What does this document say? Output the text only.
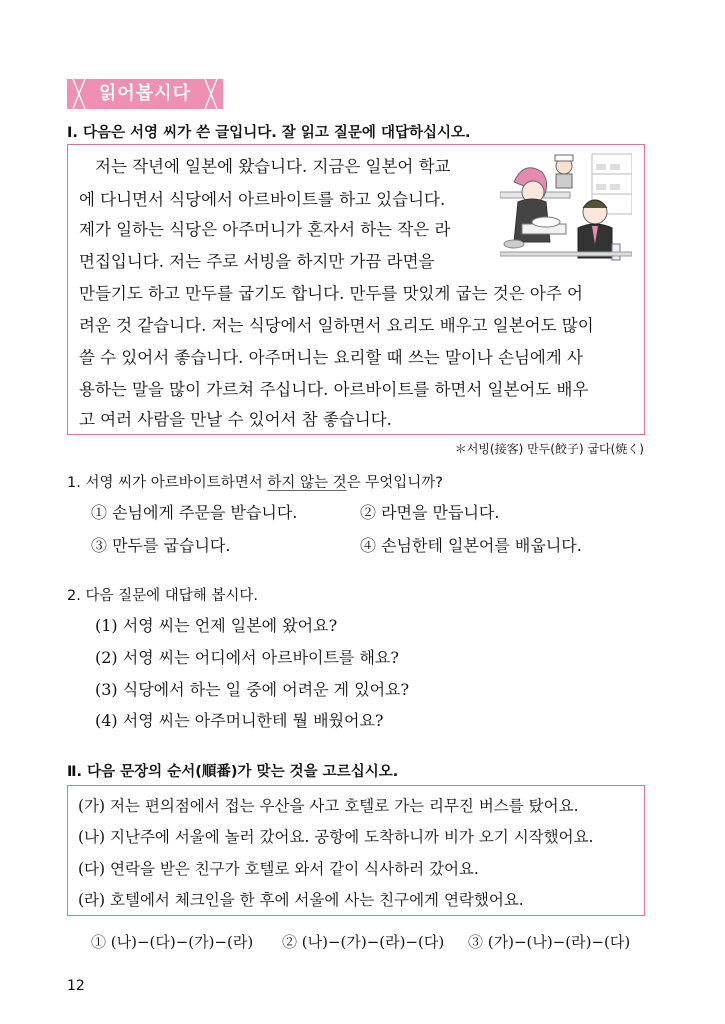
읽어봅시다
Ⅰ. 다음은 서영 씨가 쓴 글입니다. 잘 읽고 질문에 대답하십시오.
저는 작년에 일본에 왔습니다. 지금은 일본어 학교
에 다니면서 식당에서 아르바이트를 하고 있습니다.
제가 일하는 식당은 아주머니가 혼자서 하는 작은 라
면집입니다. 저는 주로 서빙을 하지만 가끔 라면을
만들기도 하고 만두를 굽기도 합니다. 만두를 맛있게 굽는 것은 아주 어
려운 것 같습니다. 저는 식당에서 일하면서 요리도 배우고 일본어도 많이
쓸 수 있어서 좋습니다. 아주머니는 요리할 때 쓰는 말이나 손님에게 사
용하는 말을 많이 가르쳐 주십니다. 아르바이트를 하면서 일본어도 배우
고 여러 사람을 만날 수 있어서 참 좋습니다.
＊서빙(接客) 만두(餃子) 굽다(焼く)
1. 서영 씨가 아르바이트하면서 하지 않는 것은 무엇입니까?
① 손님에게 주문을 받습니다.	② 라면을 만듭니다.
③ 만두를 굽습니다.	④ 손님한테 일본어를 배웁니다.
2. 다음 질문에 대답해 봅시다.
(1) 서영 씨는 언제 일본에 왔어요?
(2) 서영 씨는 어디에서 아르바이트를 해요?
(3) 식당에서 하는 일 중에 어려운 게 있어요?
(4) 서영 씨는 아주머니한테 뭘 배웠어요?
Ⅱ. 다음 문장의 순서(順番)가 맞는 것을 고르십시오.
(가) 저는 편의점에서 접는 우산을 사고 호텔로 가는 리무진 버스를 탔어요.
(나) 지난주에 서울에 놀러 갔어요. 공항에 도착하니까 비가 오기 시작했어요.
(다) 연락을 받은 친구가 호텔로 와서 같이 식사하러 갔어요.
(라) 호텔에서 체크인을 한 후에 서울에 사는 친구에게 연락했어요.
① (나)−(다)−(가)−(라) ② (나)−(가)−(라)−(다) ③ (가)−(나)−(라)−(다)
12
